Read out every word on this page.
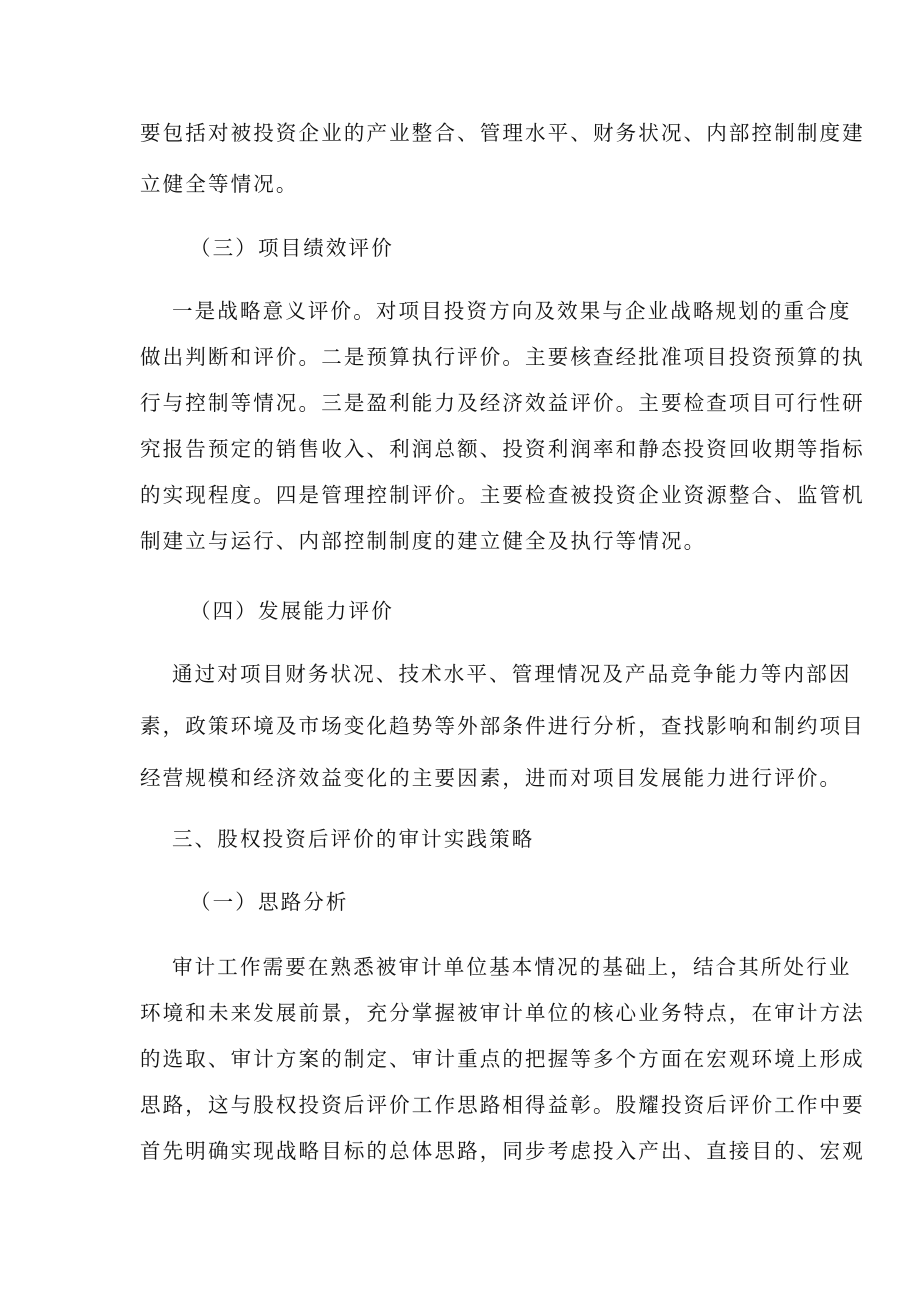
要包括对被投资企业的产业整合、管理水平、财务状况、内部控制制度建
立健全等情况。
（三）项目绩效评价
一是战略意义评价。对项目投资方向及效果与企业战略规划的重合度
做出判断和评价。二是预算执行评价。主要核查经批准项目投资预算的执
行与控制等情况。三是盈利能力及经济效益评价。主要检查项目可行性研
究报告预定的销售收入、利润总额、投资利润率和静态投资回收期等指标
的实现程度。四是管理控制评价。主要检查被投资企业资源整合、监管机
制建立与运行、内部控制制度的建立健全及执行等情况。
（四）发展能力评价
通过对项目财务状况、技术水平、管理情况及产品竞争能力等内部因
素，政策环境及市场变化趋势等外部条件进行分析，查找影响和制约项目
经营规模和经济效益变化的主要因素，进而对项目发展能力进行评价。
三、股权投资后评价的审计实践策略
（一）思路分析
审计工作需要在熟悉被审计单位基本情况的基础上，结合其所处行业
环境和未来发展前景，充分掌握被审计单位的核心业务特点，在审计方法
的选取、审计方案的制定、审计重点的把握等多个方面在宏观环境上形成
思路，这与股权投资后评价工作思路相得益彰。股耀投资后评价工作中要
首先明确实现战略目标的总体思路，同步考虑投入产出、直接目的、宏观
